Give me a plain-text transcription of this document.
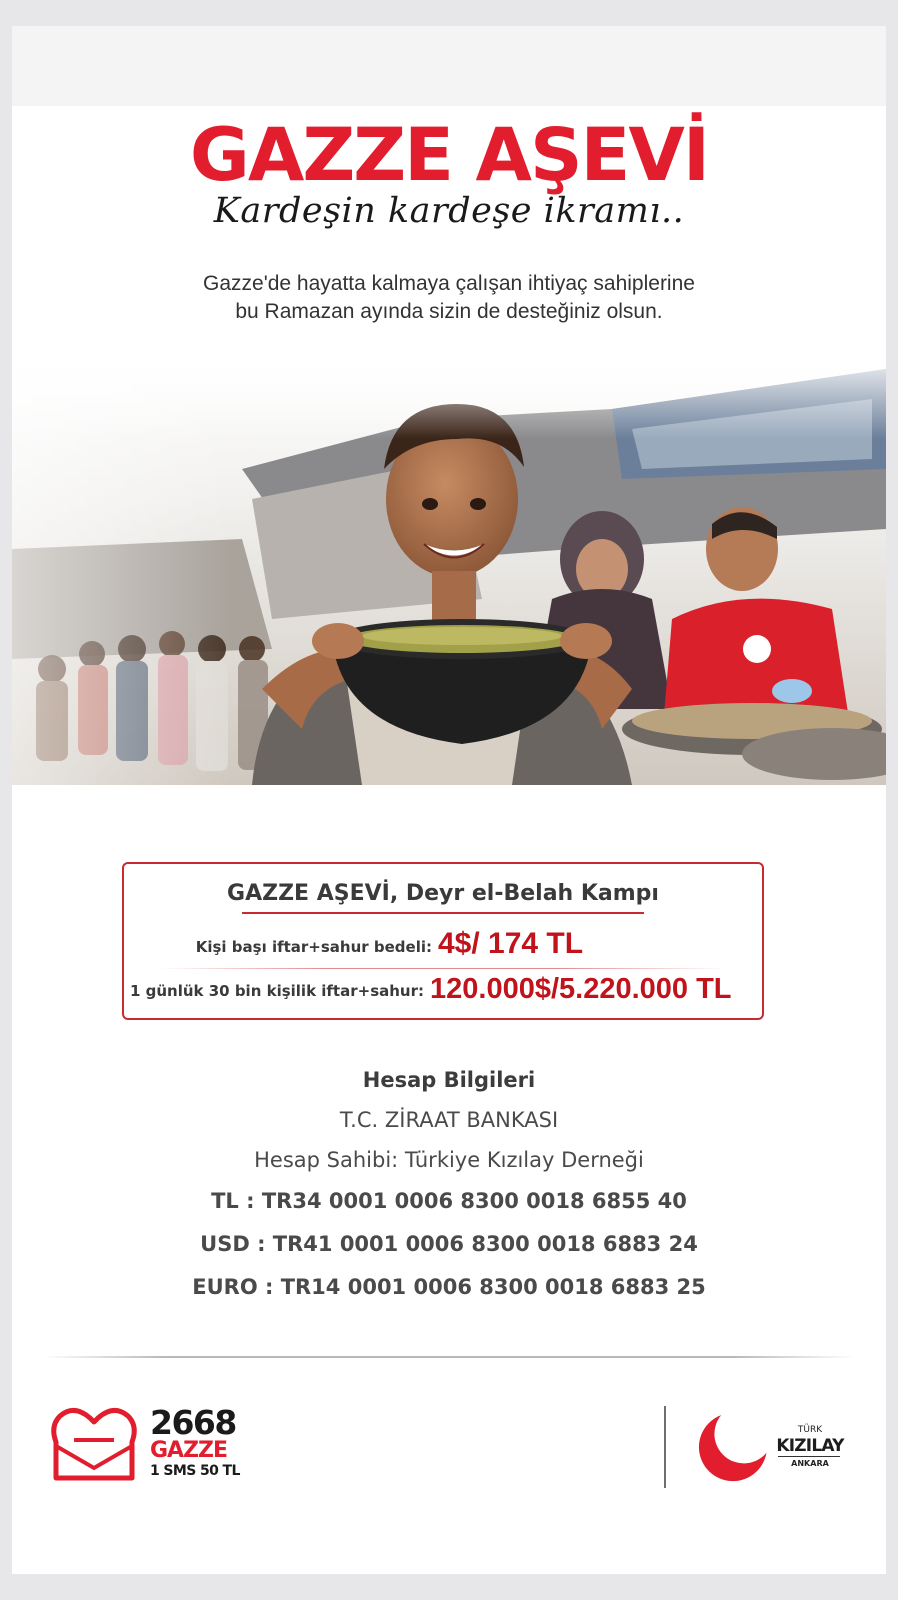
GAZZE AŞEVİ
Kardeşin kardeşe ikramı..
Gazze'de hayatta kalmaya çalışan ihtiyaç sahiplerine
bu Ramazan ayında sizin de desteğiniz olsun.
GAZZE AŞEVİ, Deyr el-Belah Kampı
Kişi başı iftar+sahur bedeli: 4$/ 174 TL
1 günlük 30 bin kişilik iftar+sahur: 120.000$/5.220.000 TL
Hesap Bilgileri
T.C. ZİRAAT BANKASI
Hesap Sahibi: Türkiye Kızılay Derneği
TL : TR34 0001 0006 8300 0018 6855 40
USD : TR41 0001 0006 8300 0018 6883 24
EURO : TR14 0001 0006 8300 0018 6883 25
2668
GAZZE
1 SMS 50 TL
TÜRK
KIZILAY
ANKARA
